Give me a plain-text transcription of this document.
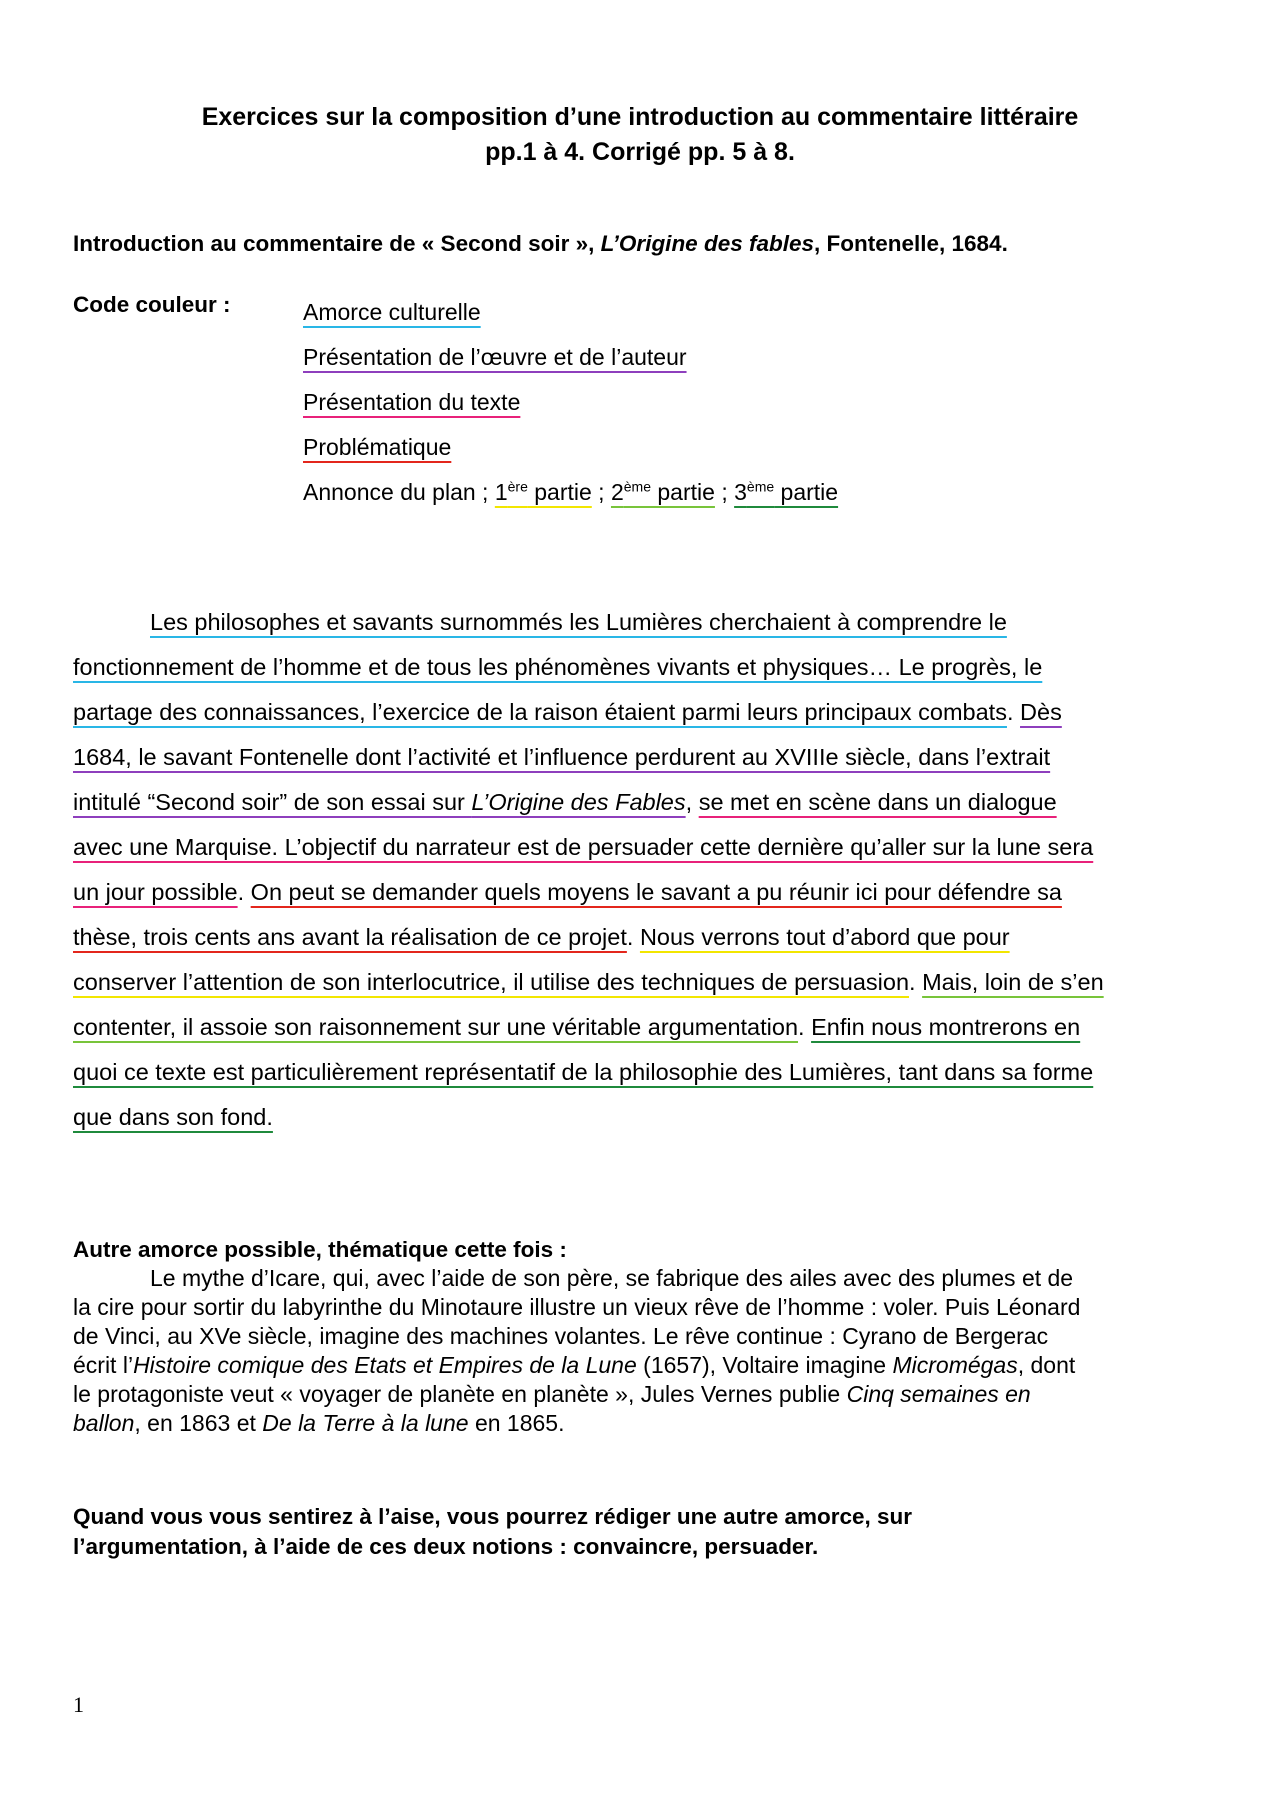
Exercices sur la composition d’une introduction au commentaire littéraire
pp.1 à 4. Corrigé pp. 5 à 8.
Introduction au commentaire de « Second soir », L’Origine des fables, Fontenelle, 1684.
Code couleur :	Amorce culturelle
Présentation de l’œuvre et de l’auteur
Présentation du texte
Problématique
Annonce du plan ; 1ère partie ; 2ème partie ; 3ème partie
Les philosophes et savants surnommés les Lumières cherchaient à comprendre le
fonctionnement de l’homme et de tous les phénomènes vivants et physiques… Le progrès, le
partage des connaissances, l’exercice de la raison étaient parmi leurs principaux combats. Dès
1684, le savant Fontenelle dont l’activité et l’influence perdurent au XVIIIe siècle, dans l’extrait
intitulé “Second soir” de son essai sur L’Origine des Fables, se met en scène dans un dialogue
avec une Marquise. L’objectif du narrateur est de persuader cette dernière qu’aller sur la lune sera
un jour possible. On peut se demander quels moyens le savant a pu réunir ici pour défendre sa
thèse, trois cents ans avant la réalisation de ce projet. Nous verrons tout d’abord que pour
conserver l’attention de son interlocutrice, il utilise des techniques de persuasion. Mais, loin de s’en
contenter, il assoie son raisonnement sur une véritable argumentation. Enfin nous montrerons en
quoi ce texte est particulièrement représentatif de la philosophie des Lumières, tant dans sa forme
que dans son fond.
Autre amorce possible, thématique cette fois :
Le mythe d’Icare, qui, avec l’aide de son père, se fabrique des ailes avec des plumes et de
la cire pour sortir du labyrinthe du Minotaure illustre un vieux rêve de l’homme : voler. Puis Léonard
de Vinci, au XVe siècle, imagine des machines volantes. Le rêve continue : Cyrano de Bergerac
écrit l’Histoire comique des Etats et Empires de la Lune (1657), Voltaire imagine Micromégas, dont
le protagoniste veut « voyager de planète en planète », Jules Vernes publie Cinq semaines en
ballon, en 1863 et De la Terre à la lune en 1865.
Quand vous vous sentirez à l’aise, vous pourrez rédiger une autre amorce, sur
l’argumentation, à l’aide de ces deux notions : convaincre, persuader.
1
